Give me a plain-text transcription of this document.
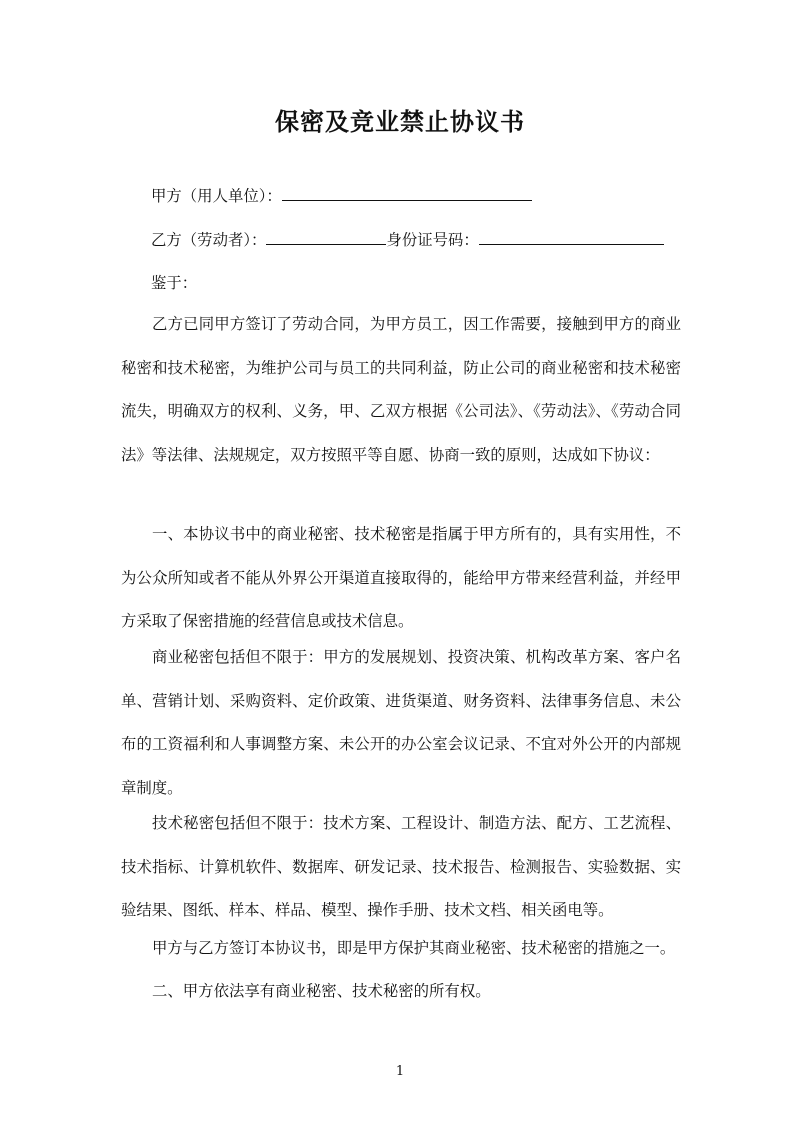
保密及竞业禁止协议书
甲方（用人单位）：
乙方（劳动者）：	身份证号码：
鉴于：
乙方已同甲方签订了劳动合同，为甲方员工，因工作需要，接触到甲方的商业秘密和技术秘密，为维护公司与员工的共同利益，防止公司的商业秘密和技术秘密流失，明确双方的权利、义务，甲、乙双方根据《公司法》、《劳动法》、《劳动合同法》等法律、法规规定，双方按照平等自愿、协商一致的原则，达成如下协议：
一、本协议书中的商业秘密、技术秘密是指属于甲方所有的，具有实用性，不为公众所知或者不能从外界公开渠道直接取得的，能给甲方带来经营利益，并经甲方采取了保密措施的经营信息或技术信息。
商业秘密包括但不限于：甲方的发展规划、投资决策、机构改革方案、客户名单、营销计划、采购资料、定价政策、进货渠道、财务资料、法律事务信息、未公布的工资福利和人事调整方案、未公开的办公室会议记录、不宜对外公开的内部规章制度。
技术秘密包括但不限于：技术方案、工程设计、制造方法、配方、工艺流程、技术指标、计算机软件、数据库、研发记录、技术报告、检测报告、实验数据、实验结果、图纸、样本、样品、模型、操作手册、技术文档、相关函电等。
甲方与乙方签订本协议书，即是甲方保护其商业秘密、技术秘密的措施之一。
二、甲方依法享有商业秘密、技术秘密的所有权。
1
